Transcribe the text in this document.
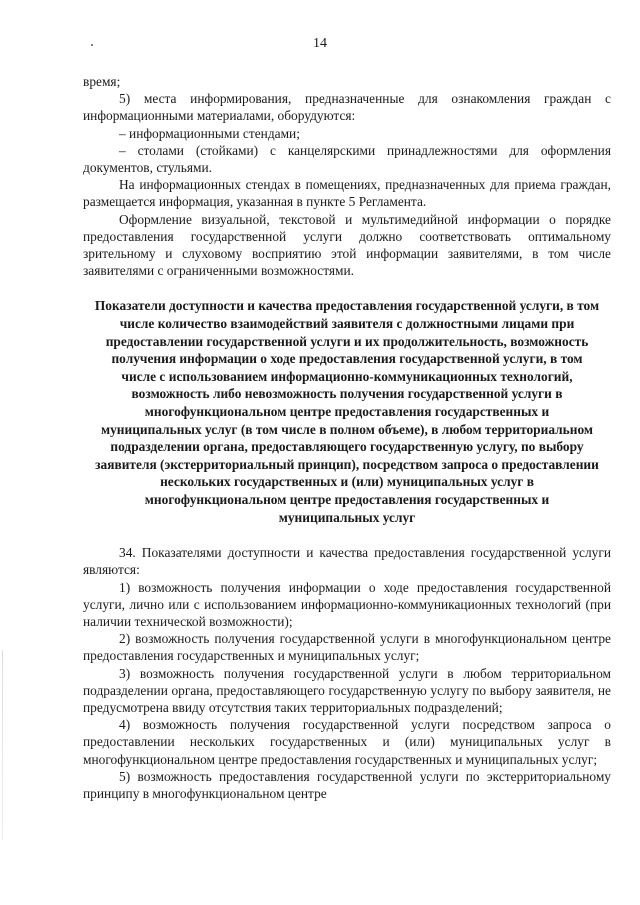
14

время;

5) места информирования, предназначенные для ознакомления граждан с информационными материалами, оборудуются:

– информационными стендами;

– столами (стойками) с канцелярскими принадлежностями для оформления документов, стульями.

На информационных стендах в помещениях, предназначенных для приема граждан, размещается информация, указанная в пункте 5 Регламента.

Оформление визуальной, текстовой и мультимедийной информации о порядке предоставления государственной услуги должно соответствовать оптимальному зрительному и слуховому восприятию этой информации заявителями, в том числе заявителями с ограниченными возможностями.

Показатели доступности и качества предоставления государственной услуги, в том числе количество взаимодействий заявителя с должностными лицами при предоставлении государственной услуги и их продолжительность, возможность получения информации о ходе предоставления государственной услуги, в том числе с использованием информационно-коммуникационных технологий, возможность либо невозможность получения государственной услуги в многофункциональном центре предоставления государственных и муниципальных услуг (в том числе в полном объеме), в любом территориальном подразделении органа, предоставляющего государственную услугу, по выбору заявителя (экстерриториальный принцип), посредством запроса о предоставлении нескольких государственных и (или) муниципальных услуг в многофункциональном центре предоставления государственных и муниципальных услуг

34. Показателями доступности и качества предоставления государственной услуги являются:

1) возможность получения информации о ходе предоставления государственной услуги, лично или с использованием информационно-коммуникационных технологий (при наличии технической возможности);

2) возможность получения государственной услуги в многофункциональном центре предоставления государственных и муниципальных услуг;

3) возможность получения государственной услуги в любом территориальном подразделении органа, предоставляющего государственную услугу по выбору заявителя, не предусмотрена ввиду отсутствия таких территориальных подразделений;

4) возможность получения государственной услуги посредством запроса о предоставлении нескольких государственных и (или) муниципальных услуг в многофункциональном центре предоставления государственных и муниципальных услуг;

5) возможность предоставления государственной услуги по экстерриториальному принципу в многофункциональном центре
